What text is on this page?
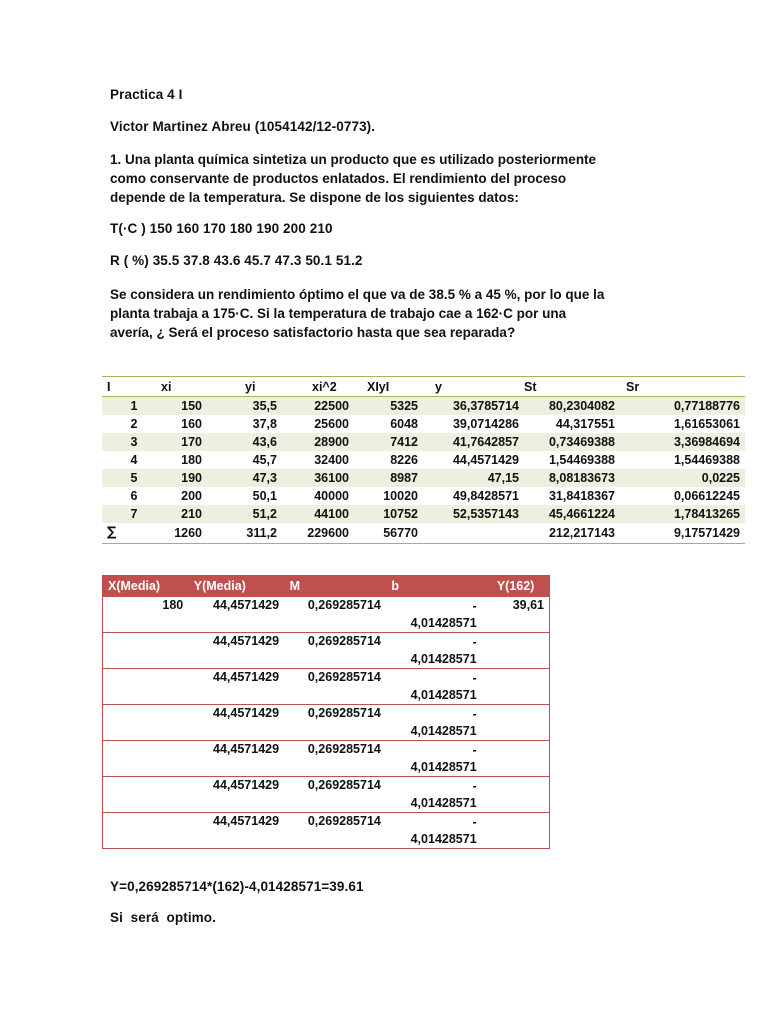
Practica 4 I
Victor Martinez Abreu (1054142/12-0773).
1. Una planta química sintetiza un producto que es utilizado posteriormente
como conservante de productos enlatados. El rendimiento del proceso
depende de la temperatura. Se dispone de los siguientes datos:
T(·C ) 150 160 170 180 190 200 210
R ( %) 35.5 37.8 43.6 45.7 47.3 50.1 51.2
Se considera un rendimiento óptimo el que va de 38.5 % a 45 %, por lo que la
planta trabaja a 175·C. Si la temperatura de trabajo cae a 162·C por una
avería, ¿ Será el proceso satisfactorio hasta que sea reparada?
I	xi	yi	xi^2	XIyI	y	St	Sr
1	150	35,5	22500	5325	36,3785714	80,2304082	0,77188776
2	160	37,8	25600	6048	39,0714286	44,317551	1,61653061
3	170	43,6	28900	7412	41,7642857	0,73469388	3,36984694
4	180	45,7	32400	8226	44,4571429	1,54469388	1,54469388
5	190	47,3	36100	8987	47,15	8,08183673	0,0225
6	200	50,1	40000	10020	49,8428571	31,8418367	0,06612245
7	210	51,2	44100	10752	52,5357143	45,4661224	1,78413265
∑	1260	311,2	229600	56770		212,217143	9,17571429
X(Media)	Y(Media)	M	b	Y(162)
180	44,4571429	0,269285714	-
4,01428571	39,61
	44,4571429	0,269285714	-
4,01428571	

	44,4571429	0,269285714	-
4,01428571	

	44,4571429	0,269285714	-
4,01428571	

	44,4571429	0,269285714	-
4,01428571	

	44,4571429	0,269285714	-
4,01428571	

	44,4571429	0,269285714	-
4,01428571	

Y=0,269285714*(162)-4,01428571=39.61
Si  será  optimo.
